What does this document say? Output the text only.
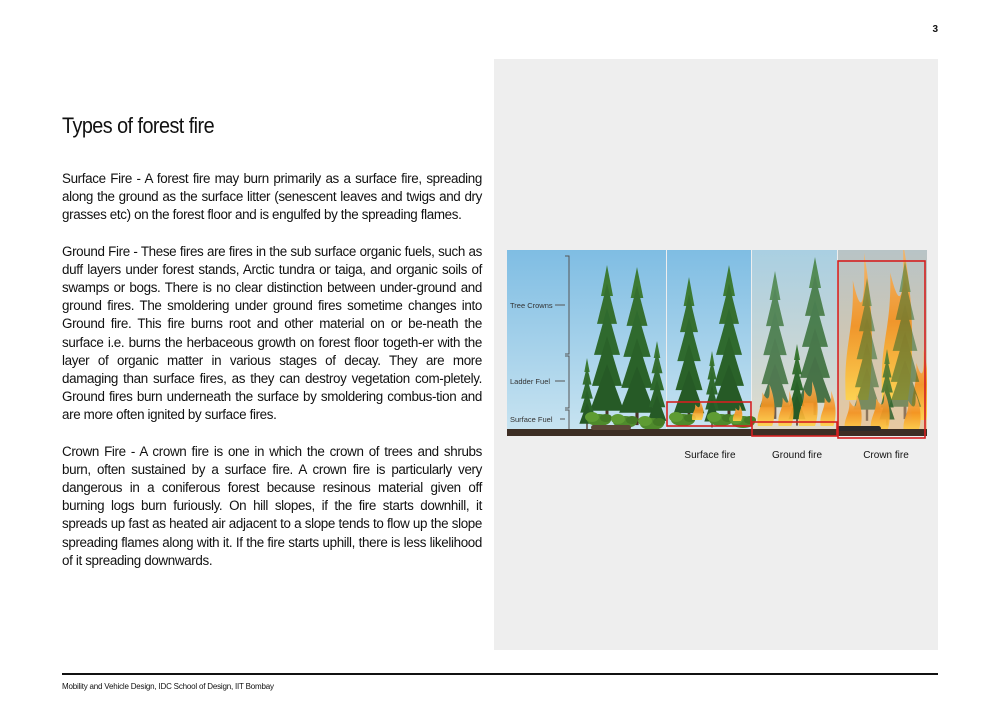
3
Types of forest fire

Surface Fire - A forest fire may burn primarily as a surface fire, spreading along the ground as the surface litter (senescent leaves and twigs and dry grasses etc) on the forest floor and is engulfed by the spreading flames.

Ground Fire - These fires are fires in the sub surface organic fuels, such as duff layers under forest stands, Arctic tundra or taiga, and organic soils of swamps or bogs. There is no clear distinction between under-ground and ground fires. The smoldering under ground fires sometime changes into Ground fire. This fire burns root and other material on or be-neath the surface i.e. burns the herbaceous growth on forest floor togeth-er with the layer of organic matter in various stages of decay. They are more damaging than surface fires, as they can destroy vegetation com-pletely. Ground fires burn underneath the surface by smoldering combus-tion and are more often ignited by surface fires.

Crown Fire - A crown fire is one in which the crown of trees and shrubs burn, often sustained by a surface fire. A crown fire is particularly very dangerous in a coniferous forest because resinous material given off burning logs burn furiously. On hill slopes, if the fire starts downhill, it spreads up fast as heated air adjacent to a slope tends to flow up the slope spreading flames along with it. If the fire starts uphill, there is less likelihood of it spreading downwards.

Tree Crowns
Ladder Fuel
Surface Fuel
Surface fire	Ground fire	Crown fire
Mobility and Vehicle Design, IDC School of Design, IIT Bombay
